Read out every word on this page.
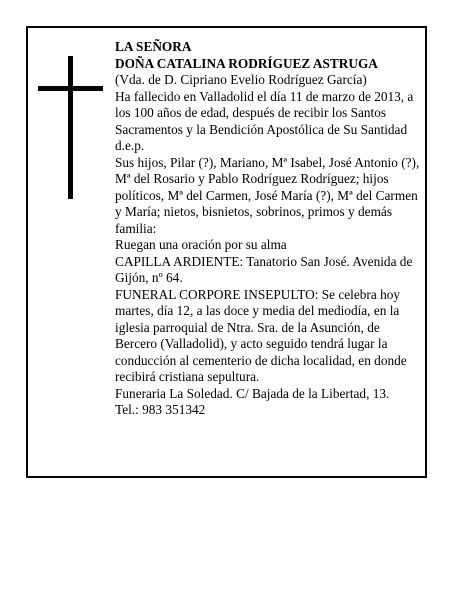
LA SEÑORA

DOÑA CATALINA RODRÍGUEZ ASTRUGA

(Vda. de D. Cipriano Evelio Rodríguez García)

Ha fallecido en Valladolid el día 11 de marzo de 2013, a los 100 años de edad, después de recibir los Santos Sacramentos y la Bendición Apostólica de Su Santidad

d.e.p.

Sus hijos, Pilar (?), Mariano, Mª Isabel, José Antonio (?), Mª del Rosario y Pablo Rodríguez Rodríguez; hijos políticos, Mª del Carmen, José María (?), Mª del Carmen y María; nietos, bisnietos, sobrinos, primos y demás familia:

Ruegan una oración por su alma

CAPILLA ARDIENTE: Tanatorio San José. Avenida de Gijón, nº 64.

FUNERAL CORPORE INSEPULTO: Se celebra hoy martes, día 12, a las doce y media del mediodía, en la iglesia parroquial de Ntra. Sra. de la Asunción, de Bercero (Valladolid), y acto seguido tendrá lugar la conducción al cementerio de dicha localidad, en donde recibirá cristiana sepultura.

Funeraria La Soledad. C/ Bajada de la Libertad, 13.

Tel.: 983 351342
